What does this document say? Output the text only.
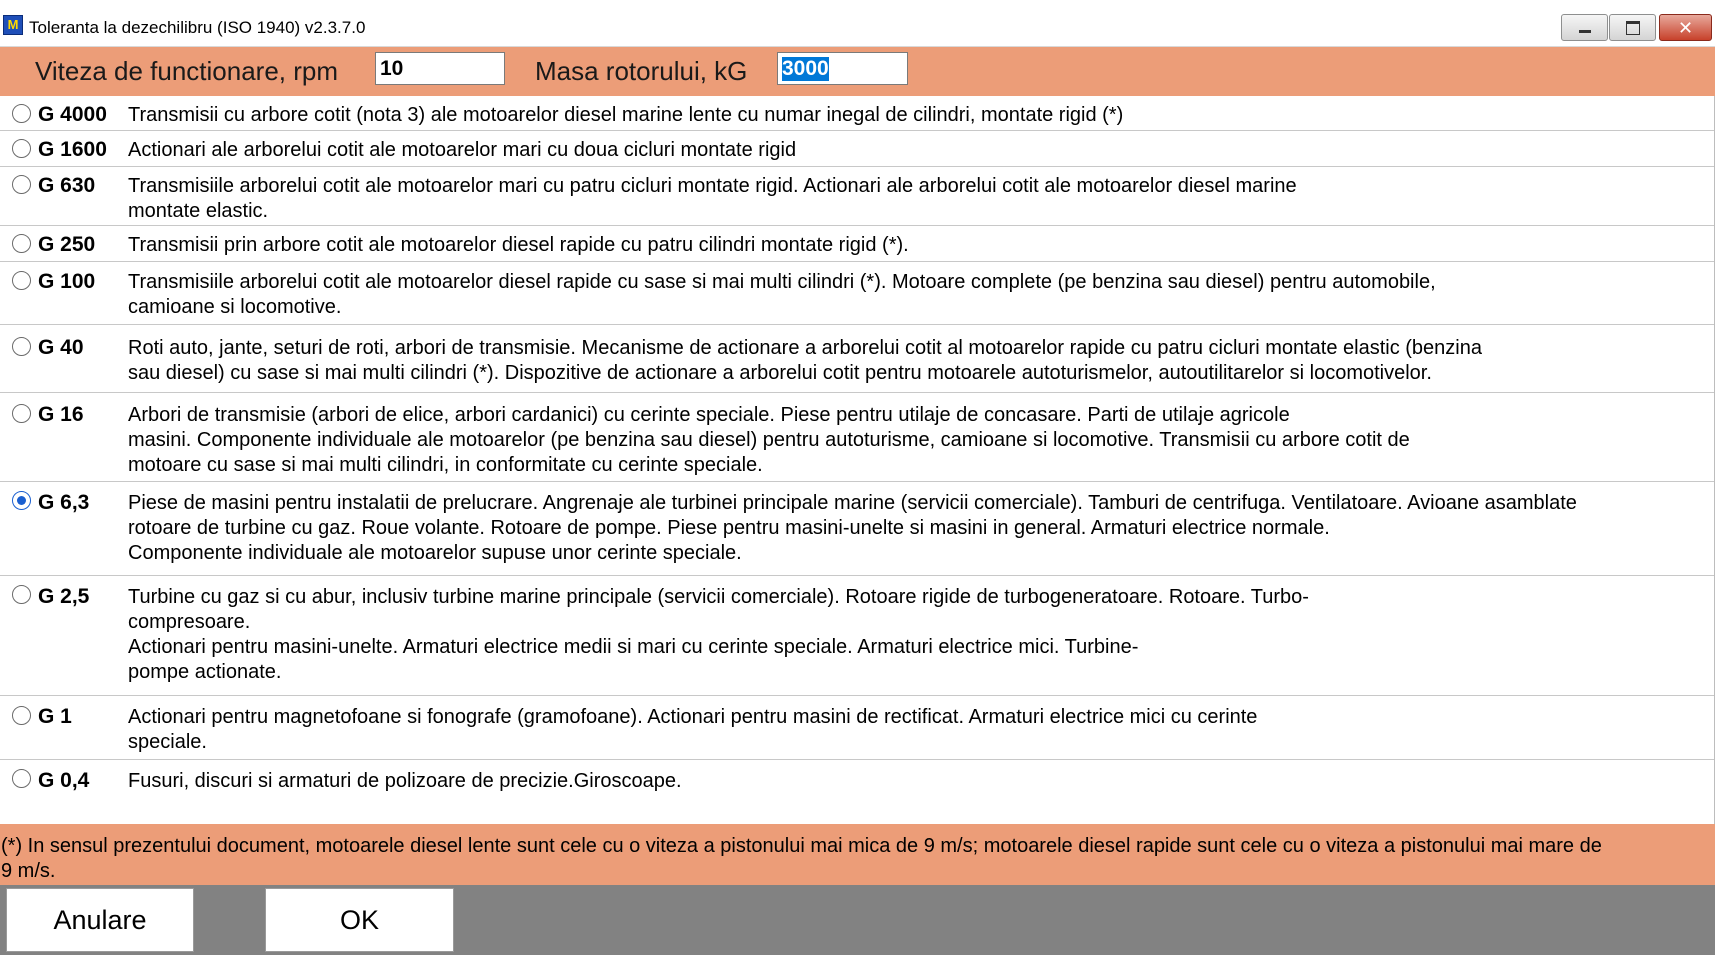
M Toleranta la dezechilibru (ISO 1940) v2.3.7.0	✕
Viteza de functionare, rpm
10	Masa rotorului, kG
3000
G 4000 Transmisii cu arbore cotit (nota 3) ale motoarelor diesel marine lente cu numar inegal de cilindri, montate rigid (*)
G 1600 Actionari ale arborelui cotit ale motoarelor mari cu doua cicluri montate rigid
G 630 Transmisiile arborelui cotit ale motoarelor mari cu patru cicluri montate rigid. Actionari ale arborelui cotit ale motoarelor diesel marine
montate elastic.
G 250 Transmisii prin arbore cotit ale motoarelor diesel rapide cu patru cilindri montate rigid (*).
G 100 Transmisiile arborelui cotit ale motoarelor diesel rapide cu sase si mai multi cilindri (*). Motoare complete (pe benzina sau diesel) pentru automobile,
camioane si locomotive.
G 40 Roti auto, jante, seturi de roti, arbori de transmisie. Mecanisme de actionare a arborelui cotit al motoarelor rapide cu patru cicluri montate elastic (benzina
sau diesel) cu sase si mai multi cilindri (*). Dispozitive de actionare a arborelui cotit pentru motoarele autoturismelor, autoutilitarelor si locomotivelor.
G 16 Arbori de transmisie (arbori de elice, arbori cardanici) cu cerinte speciale. Piese pentru utilaje de concasare. Parti de utilaje agricole
masini. Componente individuale ale motoarelor (pe benzina sau diesel) pentru autoturisme, camioane si locomotive. Transmisii cu arbore cotit de
motoare cu sase si mai multi cilindri, in conformitate cu cerinte speciale.
G 6,3 Piese de masini pentru instalatii de prelucrare. Angrenaje ale turbinei principale marine (servicii comerciale). Tamburi de centrifuga. Ventilatoare. Avioane asamblate
rotoare de turbine cu gaz. Roue volante. Rotoare de pompe. Piese pentru masini-unelte si masini in general. Armaturi electrice normale.
Componente individuale ale motoarelor supuse unor cerinte speciale.
G 2,5 Turbine cu gaz si cu abur, inclusiv turbine marine principale (servicii comerciale). Rotoare rigide de turbogeneratoare. Rotoare. Turbo-
compresoare.
Actionari pentru masini-unelte. Armaturi electrice medii si mari cu cerinte speciale. Armaturi electrice mici. Turbine-
pompe actionate.
G 1	Actionari pentru magnetofoane si fonografe (gramofoane). Actionari pentru masini de rectificat. Armaturi electrice mici cu cerinte
speciale.
G 0,4 Fusuri, discuri si armaturi de polizoare de precizie.Giroscoape.
(*) In sensul prezentului document, motoarele diesel lente sunt cele cu o viteza a pistonului mai mica de 9 m/s; motoarele diesel rapide sunt cele cu o viteza a pistonului mai mare de
9 m/s.
Anulare	OK
